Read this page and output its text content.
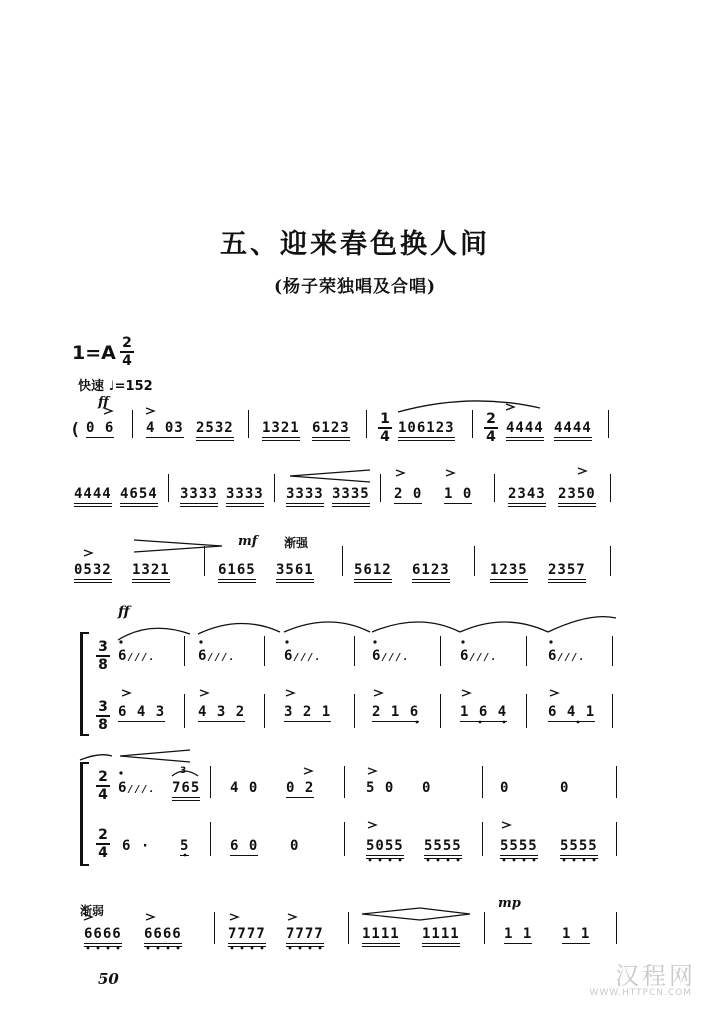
五、迎来春色换人间
(杨子荣独唱及合唱)
1=A 2
4
快速 ♩=152
ff
( 0 6 4 03 2532 1321 6123
1
4
106123
2
4
4444 4444
4444 4654 3333 3333 3333 3335 2 0 1 0	2343 2350
mf 渐强
0532 1321	6165 3561	5612 6123	1235 2357
ff
3
8
3
8
6///.	6///.	6///.	6///.	6///.	6///.
6 4 3 4 3 2	3 2 1	2 1 6	1 6 4	6 4 1
2
4
2
4
6///.
3
765 4 0 0 2	5 0 0	0	0
6 · 5	6 0 0	5055 5555	5555 5555
渐弱	mp
6666 6666	7777 7777	1111 1111	1 1 1 1
50	汉程网
WWW.HTTPCN.COM
